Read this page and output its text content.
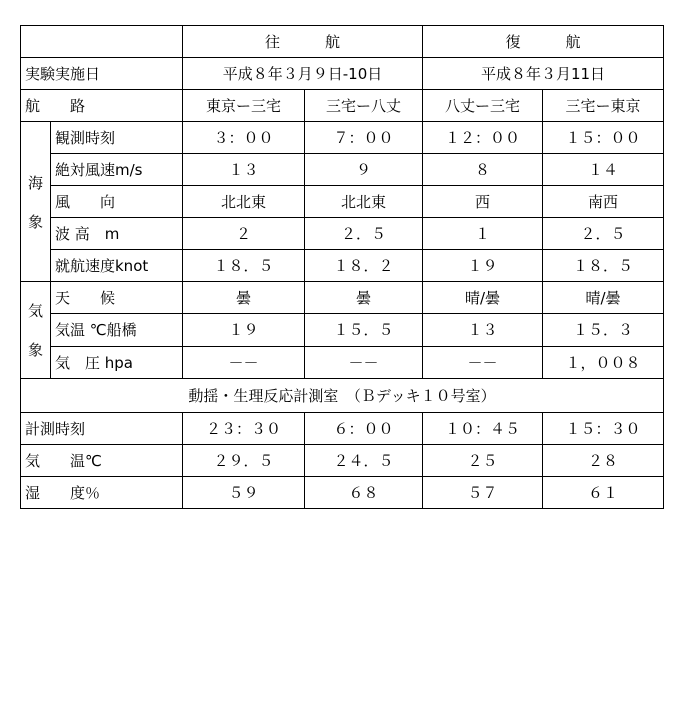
		往　　　航		復　　　航	
実験実施日		平成８年３月９日-10日		平成８年３月11日	
航　　路		東京ー三宅	三宅ー八丈	八丈ー三宅	三宅ー東京

海
象	観測時刻	３：００	７：００	１２：００	１５：００
	絶対風速m/s	１３	９	８	１４
	風　　向	北北東	北北東	西	南西
	波 高　m	２	２．５	１	２．５
	就航速度knot	１８．５	１８．２	１９	１８．５

気
象	天　　候	曇	曇	晴/曇	晴/曇
	気温 ℃船橋	１９	１５．５	１３	１５．３
	気　圧 hpa	－－	－－	－－	１，００８
動揺・生理反応計測室　（Ｂデッキ１０号室）					
計測時刻		２３：３０	６：００	１０：４５	１５：３０
気　　温℃		２９．５	２４．５	２５	２８
湿　　度％		５９	６８	５７	６１
